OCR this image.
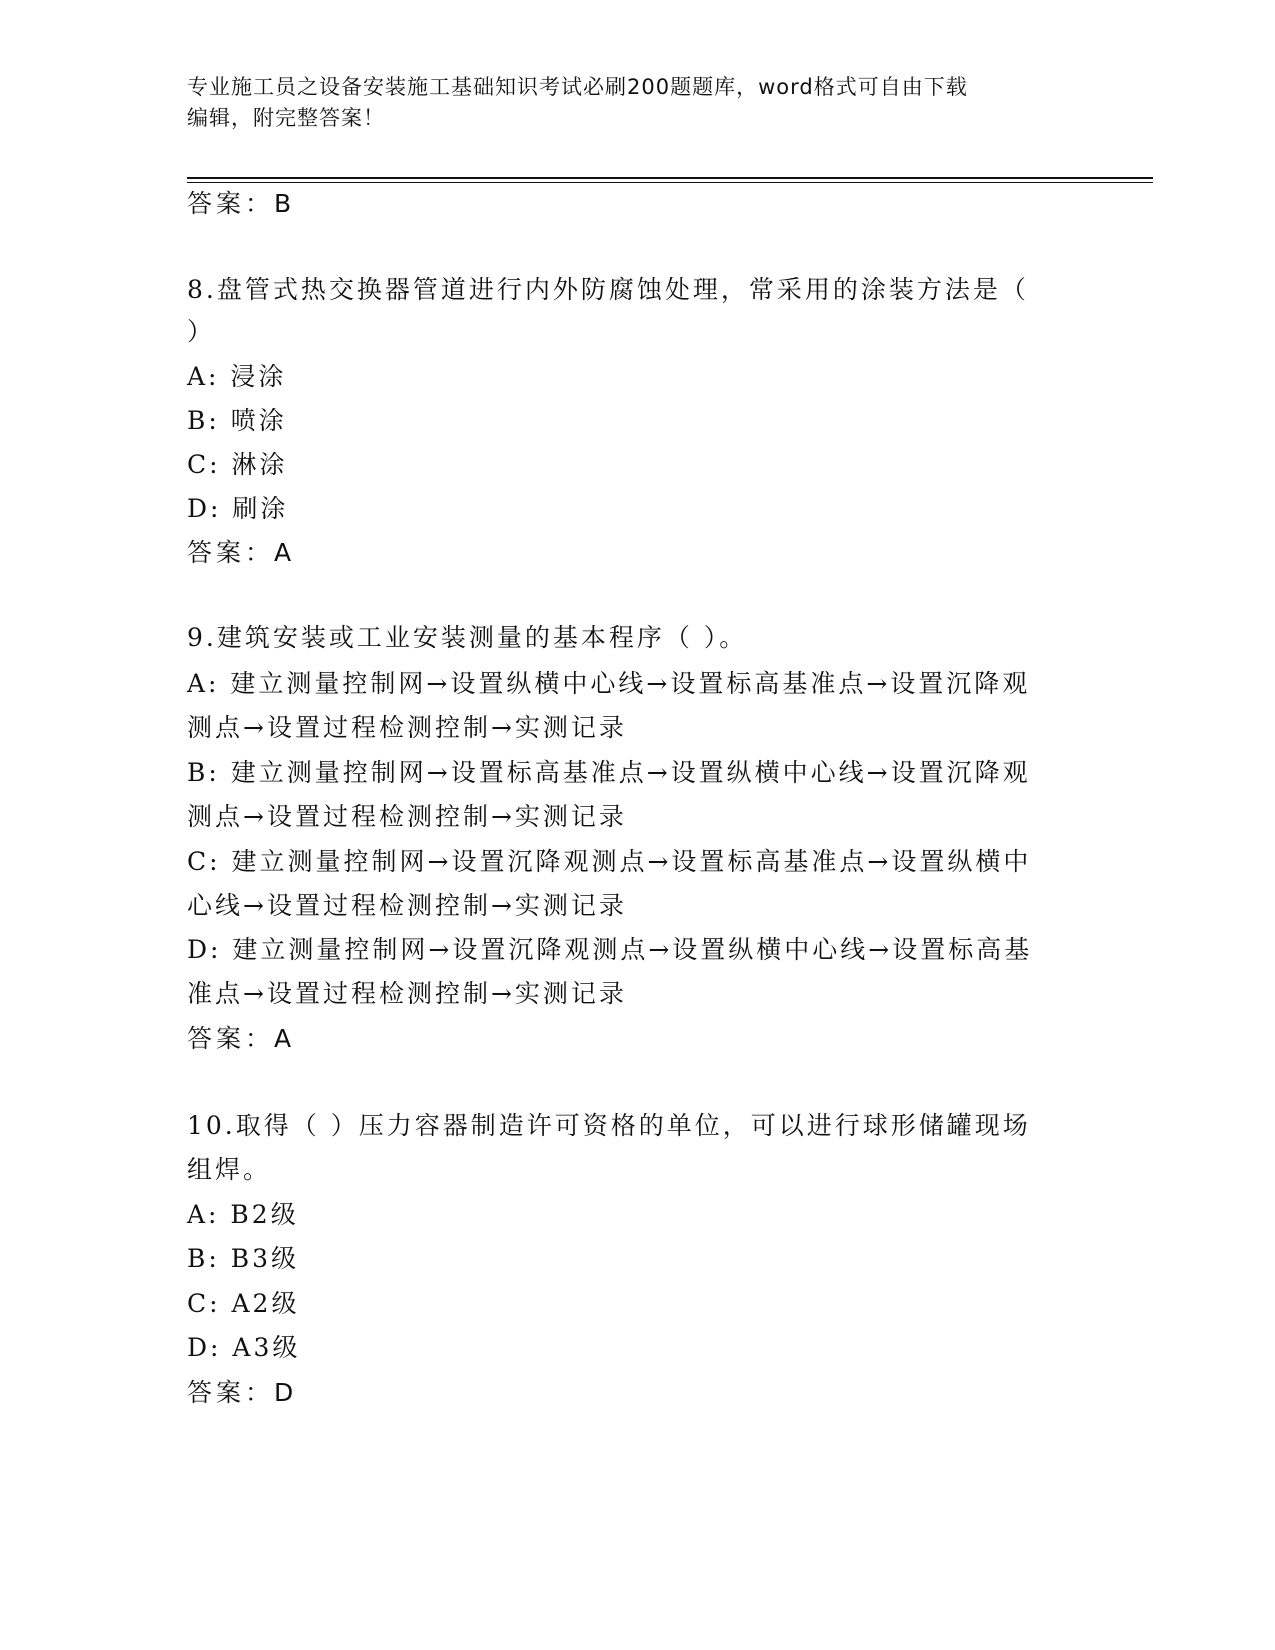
专业施工员之设备安装施工基础知识考试必刷200题题库，word格式可自由下载
编辑，附完整答案！
答案：B
8.盘管式热交换器管道进行内外防腐蚀处理，常采用的涂装方法是（
）
A: 浸涂
B: 喷涂
C: 淋涂
D: 刷涂
答案：A
9.建筑安装或工业安装测量的基本程序（ ）。
A: 建立测量控制网→设置纵横中心线→设置标高基准点→设置沉降观
测点→设置过程检测控制→实测记录
B: 建立测量控制网→设置标高基准点→设置纵横中心线→设置沉降观
测点→设置过程检测控制→实测记录
C: 建立测量控制网→设置沉降观测点→设置标高基准点→设置纵横中
心线→设置过程检测控制→实测记录
D: 建立测量控制网→设置沉降观测点→设置纵横中心线→设置标高基
准点→设置过程检测控制→实测记录
答案：A
10.取得（ ）压力容器制造许可资格的单位，可以进行球形储罐现场
组焊。
A: B2级
B: B3级
C: A2级
D: A3级
答案：D
